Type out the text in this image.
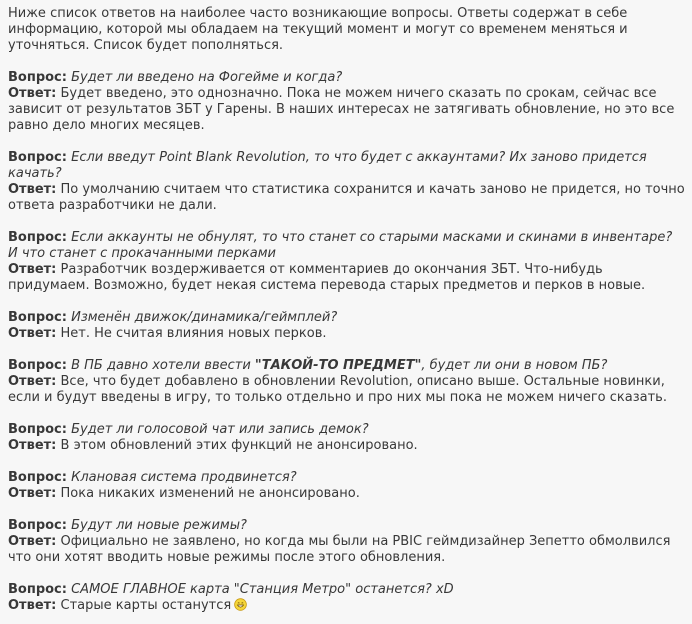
Ниже список ответов на наиболее часто возникающие вопросы. Ответы содержат в себе информацию, которой мы обладаем на текущий момент и могут со временем меняться и уточняться. Список будет пополняться.

Вопрос: Будет ли введено на Фогейме и когда?
Ответ: Будет введено, это однозначно. Пока не можем ничего сказать по срокам, сейчас все зависит от результатов ЗБТ у Гарены. В наших интересах не затягивать обновление, но это все равно дело многих месяцев.
Вопрос: Если введут Point Blank Revolution, то что будет с аккаунтами? Их заново придется качать?
Ответ: По умолчанию считаем что статистика сохранится и качать заново не придется, но точно ответа разработчики не дали.
Вопрос: Если аккаунты не обнулят, то что станет со старыми масками и скинами в инвентаре? И что станет с прокачанными перками
Ответ: Разработчик воздерживается от комментариев до окончания ЗБТ. Что-нибудь придумаем. Возможно, будет некая система перевода старых предметов и перков в новые.
Вопрос: Изменён движок/динамика/геймплей?
Ответ: Нет. Не считая влияния новых перков.
Вопрос: В ПБ давно хотели ввести "ТАКОЙ-ТО ПРЕДМЕТ", будет ли они в новом ПБ?
Ответ: Все, что будет добавлено в обновлении Revolution, описано выше. Остальные новинки, если и будут введены в игру, то только отдельно и про них мы пока не можем ничего сказать.
Вопрос: Будет ли голосовой чат или запись демок?
Ответ: В этом обновлений этих функций не анонсировано.
Вопрос: Клановая система продвинется?
Ответ: Пока никаких изменений не анонсировано.
Вопрос: Будут ли новые режимы?
Ответ: Официально не заявлено, но когда мы были на PBIC геймдизайнер Зепетто обмолвился что они хотят вводить новые режимы после этого обновления.
Вопрос: САМОЕ ГЛАВНОЕ карта "Станция Метро" останется? xD
Ответ: Старые карты останутся
